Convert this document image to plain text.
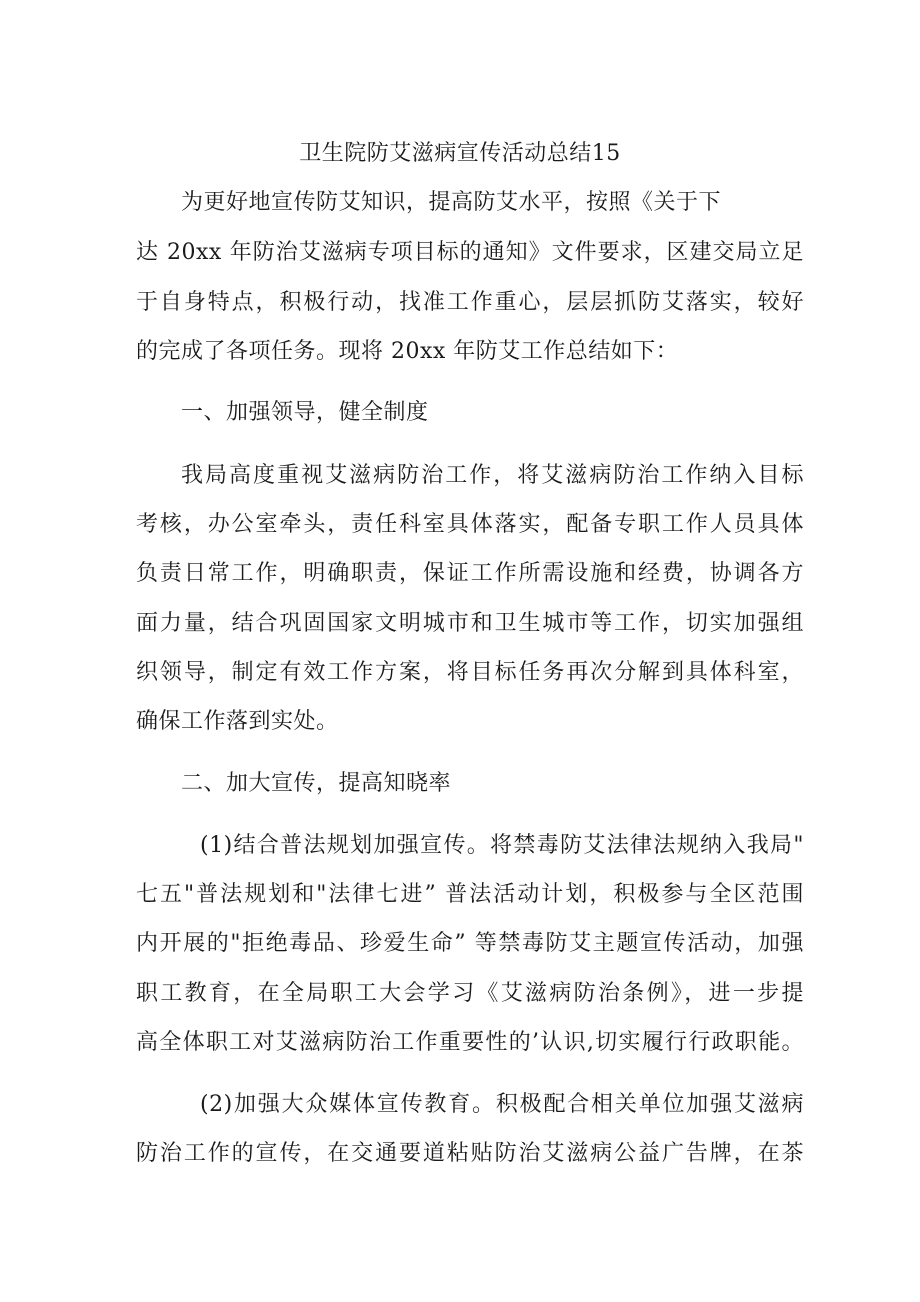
卫生院防艾滋病宣传活动总结15
为更好地宣传防艾知识，提高防艾水平，按照《关于下
达 20xx 年防治艾滋病专项目标的通知》文件要求，区建交局立足
于自身特点，积极行动，找准工作重心，层层抓防艾落实，较好
的完成了各项任务。现将 20xx 年防艾工作总结如下：
一、加强领导，健全制度
我局高度重视艾滋病防治工作，将艾滋病防治工作纳入目标
考核，办公室牵头，责任科室具体落实，配备专职工作人员具体
负责日常工作，明确职责，保证工作所需设施和经费，协调各方
面力量，结合巩固国家文明城市和卫生城市等工作，切实加强组
织领导，制定有效工作方案，将目标任务再次分解到具体科室，
确保工作落到实处。
二、加大宣传，提高知晓率
(1)结合普法规划加强宣传。将禁毒防艾法律法规纳入我局"
七五"普法规划和"法律七进” 普法活动计划，积极参与全区范围
内开展的"拒绝毒品、珍爱生命” 等禁毒防艾主题宣传活动，加强
职工教育，在全局职工大会学习《艾滋病防治条例》，进一步提
高全体职工对艾滋病防治工作重要性的’认识,切实履行行政职能。
(2)加强大众媒体宣传教育。积极配合相关单位加强艾滋病
防治工作的宣传，在交通要道粘贴防治艾滋病公益广告牌，在茶
